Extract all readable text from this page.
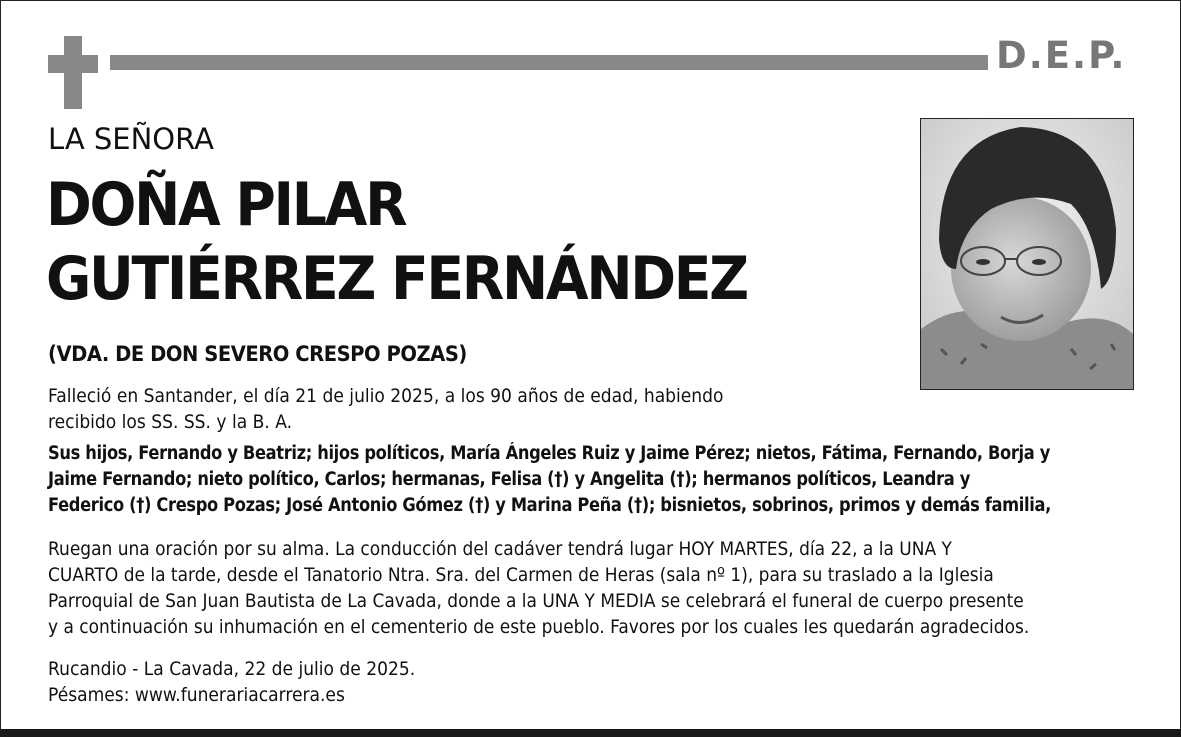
D.E.P.
LA SEÑORA
DOÑA PILAR
GUTIÉRREZ FERNÁNDEZ
(VDA. DE DON SEVERO CRESPO POZAS)
Falleció en Santander, el día 21 de julio 2025, a los 90 años de edad, habiendo
recibido los SS. SS. y la B. A.
Sus hijos, Fernando y Beatriz; hijos políticos, María Ángeles Ruiz y Jaime Pérez; nietos, Fátima, Fernando, Borja y
Jaime Fernando; nieto político, Carlos; hermanas, Felisa (†) y Angelita (†); hermanos políticos, Leandra y
Federico (†) Crespo Pozas; José Antonio Gómez (†) y Marina Peña (†); bisnietos, sobrinos, primos y demás familia,
Ruegan una oración por su alma. La conducción del cadáver tendrá lugar HOY MARTES, día 22, a la UNA Y
CUARTO de la tarde, desde el Tanatorio Ntra. Sra. del Carmen de Heras (sala nº 1), para su traslado a la Iglesia
Parroquial de San Juan Bautista de La Cavada, donde a la UNA Y MEDIA se celebrará el funeral de cuerpo presente
y a continuación su inhumación en el cementerio de este pueblo. Favores por los cuales les quedarán agradecidos.
Rucandio - La Cavada, 22 de julio de 2025.
Pésames: www.funerariacarrera.es
